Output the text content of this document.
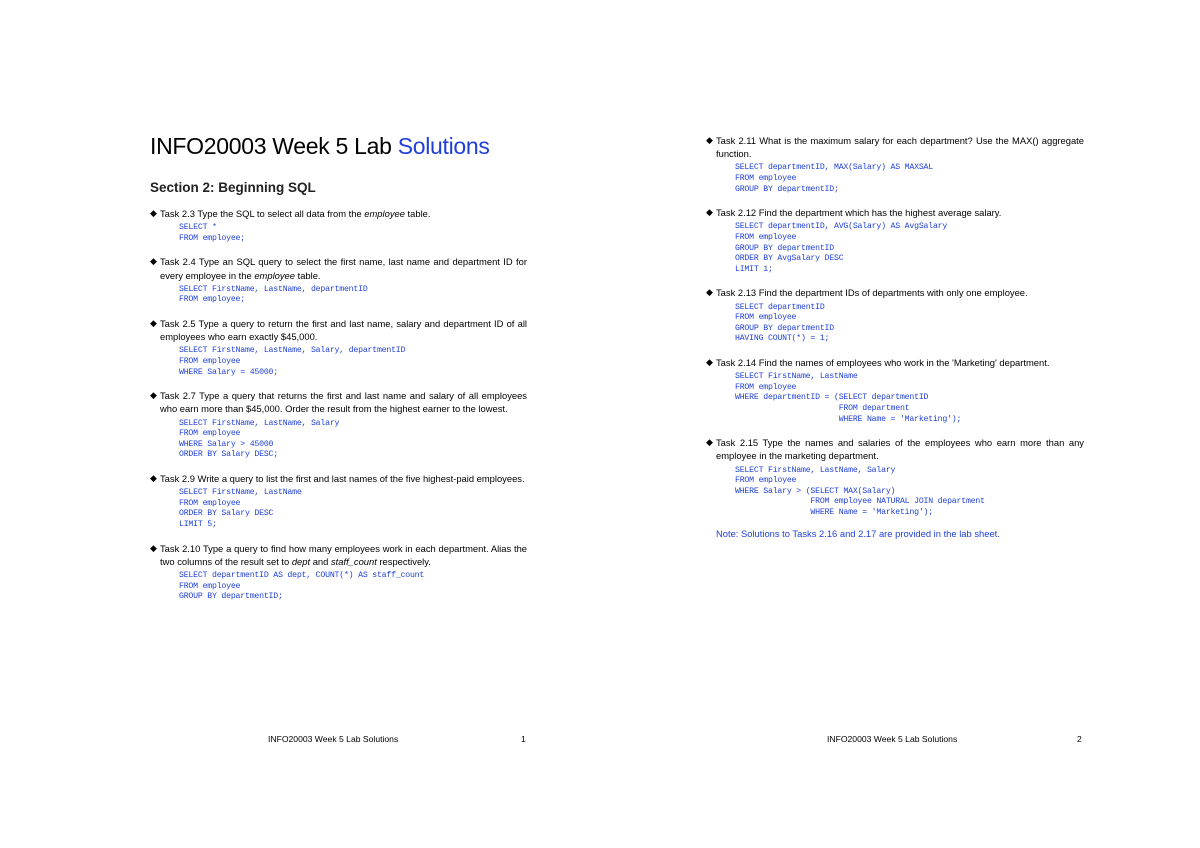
INFO20003 Week 5 Lab Solutions
Section 2: Beginning SQL
◆ Task 2.3 Type the SQL to select all data from the employee table.
SELECT *
FROM employee;
◆ Task 2.4 Type an SQL query to select the first name, last name and department ID for every employee in the employee table.
SELECT FirstName, LastName, departmentID
FROM employee;
◆ Task 2.5 Type a query to return the first and last name, salary and department ID of all employees who earn exactly $45,000.
SELECT FirstName, LastName, Salary, departmentID
FROM employee
WHERE Salary = 45000;
◆ Task 2.7 Type a query that returns the first and last name and salary of all employees who earn more than $45,000. Order the result from the highest earner to the lowest.
SELECT FirstName, LastName, Salary
FROM employee
WHERE Salary > 45000
ORDER BY Salary DESC;
◆ Task 2.9 Write a query to list the first and last names of the five highest-paid employees.
SELECT FirstName, LastName
FROM employee
ORDER BY Salary DESC
LIMIT 5;
◆ Task 2.10 Type a query to find how many employees work in each department. Alias the two columns of the result set to dept and staff_count respectively.
SELECT departmentID AS dept, COUNT(*) AS staff_count
FROM employee
GROUP BY departmentID;
INFO20003 Week 5 Lab Solutions	1
◆ Task 2.11 What is the maximum salary for each department? Use the MAX() aggregate function.
SELECT departmentID, MAX(Salary) AS MAXSAL
FROM employee
GROUP BY departmentID;
◆ Task 2.12 Find the department which has the highest average salary.
SELECT departmentID, AVG(Salary) AS AvgSalary
FROM employee
GROUP BY departmentID
ORDER BY AvgSalary DESC
LIMIT 1;
◆ Task 2.13 Find the department IDs of departments with only one employee.
SELECT departmentID
FROM employee
GROUP BY departmentID
HAVING COUNT(*) = 1;
◆ Task 2.14 Find the names of employees who work in the 'Marketing' department.
SELECT FirstName, LastName
FROM employee
WHERE departmentID = (SELECT departmentID
FROM department
WHERE Name = 'Marketing');
◆ Task 2.15 Type the names and salaries of the employees who earn more than any employee in the marketing department.
SELECT FirstName, LastName, Salary
FROM employee
WHERE Salary > (SELECT MAX(Salary)
FROM employee NATURAL JOIN department
WHERE Name = 'Marketing');
Note: Solutions to Tasks 2.16 and 2.17 are provided in the lab sheet.
INFO20003 Week 5 Lab Solutions	2
